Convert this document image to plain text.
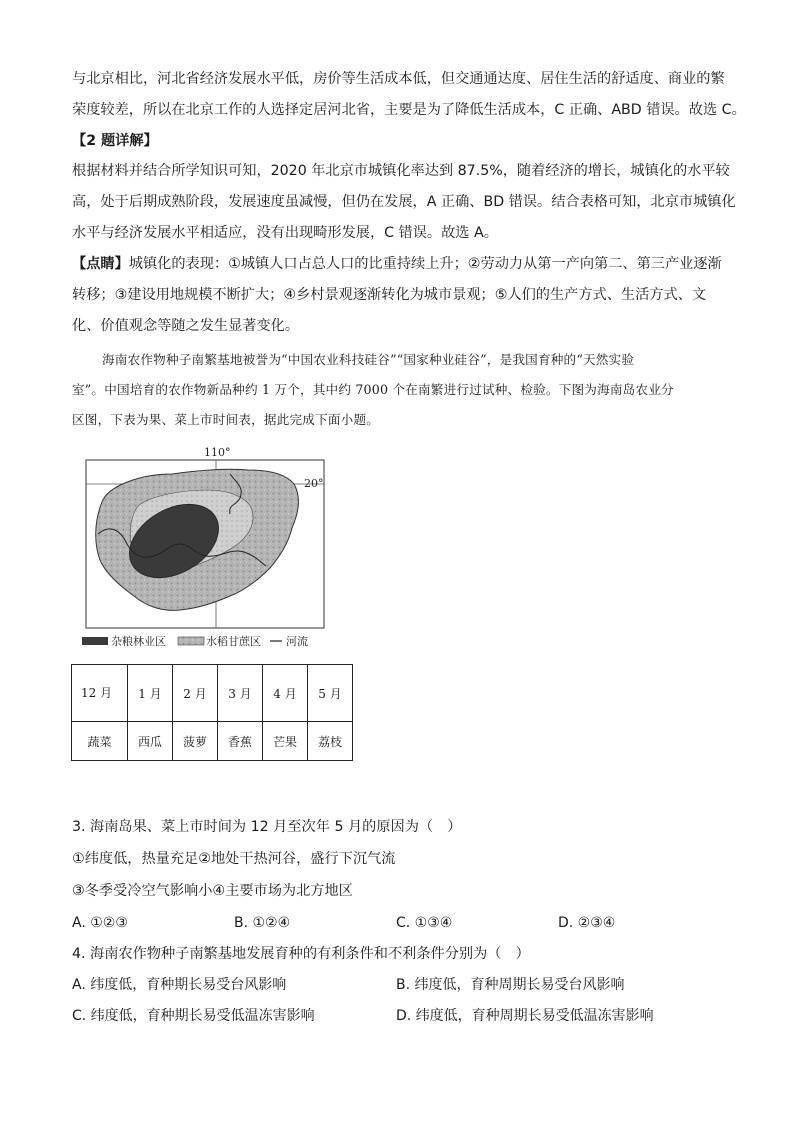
与北京相比，河北省经济发展水平低，房价等生活成本低，但交通通达度、居住生活的舒适度、商业的繁
荣度较差，所以在北京工作的人选择定居河北省，主要是为了降低生活成本，C 正确、ABD 错误。故选 C。
【2 题详解】
根据材料并结合所学知识可知，2020 年北京市城镇化率达到 87.5%，随着经济的增长，城镇化的水平较
高，处于后期成熟阶段，发展速度虽减慢，但仍在发展，A 正确、BD 错误。结合表格可知，北京市城镇化
水平与经济发展水平相适应，没有出现畸形发展，C 错误。故选 A。
【点睛】城镇化的表现：①城镇人口占总人口的比重持续上升；②劳动力从第一产向第二、第三产业逐渐
转移；③建设用地规模不断扩大；④乡村景观逐渐转化为城市景观；⑤人们的生产方式、生活方式、文
化、价值观念等随之发生显著变化。
海南农作物种子南繁基地被誉为“中国农业科技硅谷”“国家种业硅谷”，是我国育种的“天然实验
室”。中国培育的农作物新品种约 1 万个，其中约 7000 个在南繁进行过试种、检验。下图为海南岛农业分
区图，下表为果、菜上市时间表，据此完成下面小题。
110°
20°
杂粮林业区	水稻甘蔗区 河流
12 月	1 月	2 月	3 月	4 月	5 月
蔬菜	西瓜	菠萝	香蕉	芒果	荔枝
3. 海南岛果、菜上市时间为 12 月至次年 5 月的原因为（　）
①纬度低，热量充足②地处干热河谷，盛行下沉气流
③冬季受冷空气影响小④主要市场为北方地区
A. ①②③	B. ①②④	C. ①③④	D. ②③④
4. 海南农作物种子南繁基地发展育种的有利条件和不利条件分别为（　）
A. 纬度低，育种期长易受台风影响	B. 纬度低，育种周期长易受台风影响
C. 纬度低，育种期长易受低温冻害影响	D. 纬度低，育种周期长易受低温冻害影响
